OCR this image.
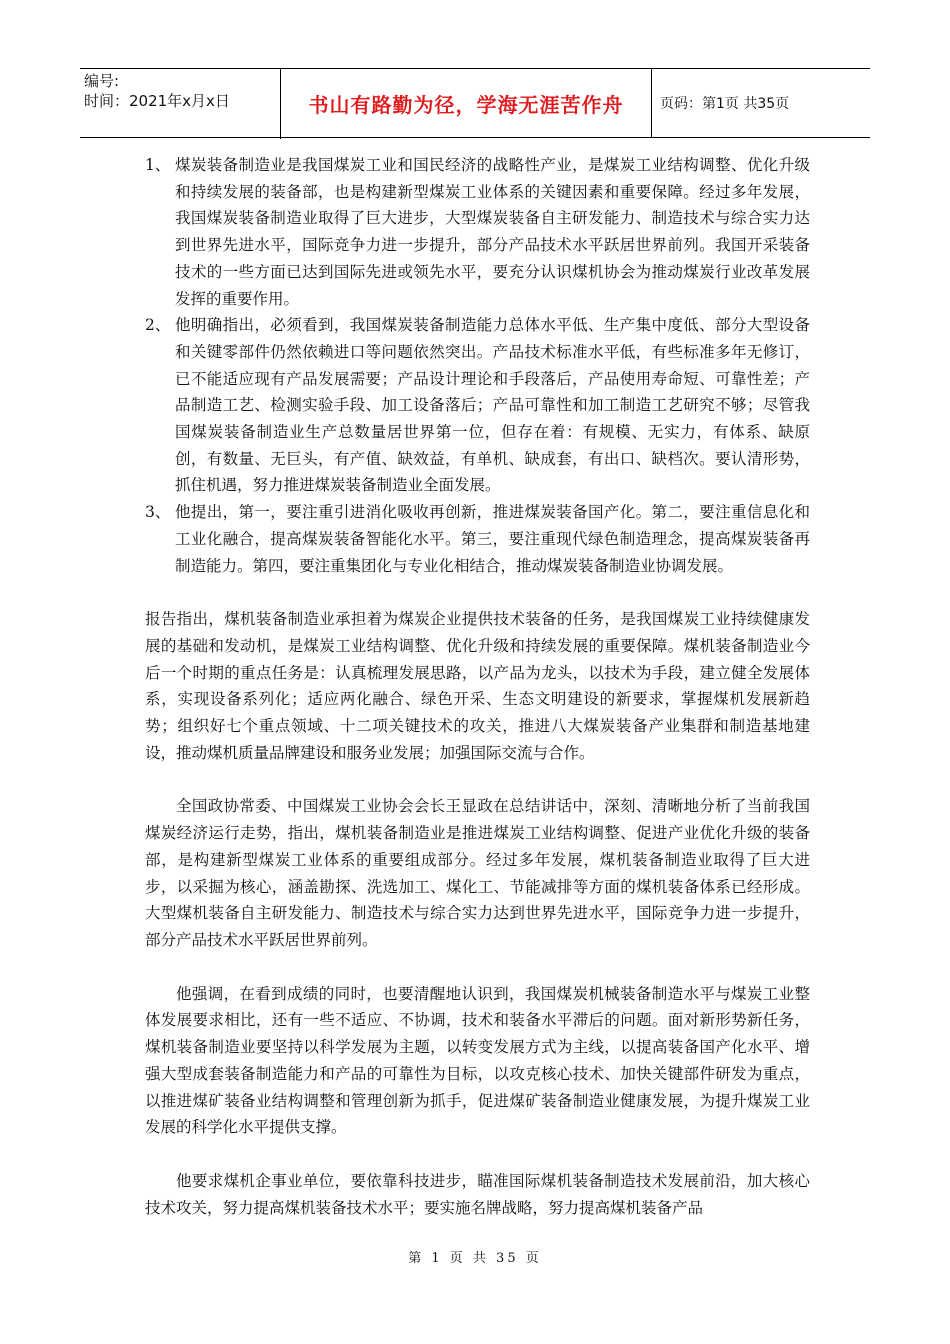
编号:
时间：2021年x月x日	书山有路勤为径，学海无涯苦作舟	页码：第1页 共35页
1、 煤炭装备制造业是我国煤炭工业和国民经济的战略性产业，是煤炭工业结构调整、优化升级和持续发展的装备部，也是构建新型煤炭工业体系的关键因素和重要保障。经过多年发展，我国煤炭装备制造业取得了巨大进步，大型煤炭装备自主研发能力、制造技术与综合实力达到世界先进水平，国际竞争力进一步提升，部分产品技术水平跃居世界前列。我国开采装备技术的一些方面已达到国际先进或领先水平，要充分认识煤机协会为推动煤炭行业改革发展发挥的重要作用。
2、 他明确指出，必须看到，我国煤炭装备制造能力总体水平低、生产集中度低、部分大型设备和关键零部件仍然依赖进口等问题依然突出。产品技术标准水平低，有些标准多年无修订，已不能适应现有产品发展需要；产品设计理论和手段落后，产品使用寿命短、可靠性差；产品制造工艺、检测实验手段、加工设备落后；产品可靠性和加工制造工艺研究不够；尽管我国煤炭装备制造业生产总数量居世界第一位，但存在着：有规模、无实力，有体系、缺原创，有数量、无巨头，有产值、缺效益，有单机、缺成套，有出口、缺档次。要认清形势，抓住机遇，努力推进煤炭装备制造业全面发展。
3、 他提出，第一，要注重引进消化吸收再创新，推进煤炭装备国产化。第二，要注重信息化和工业化融合，提高煤炭装备智能化水平。第三，要注重现代绿色制造理念，提高煤炭装备再制造能力。第四，要注重集团化与专业化相结合，推动煤炭装备制造业协调发展。

报告指出，煤机装备制造业承担着为煤炭企业提供技术装备的任务，是我国煤炭工业持续健康发展的基础和发动机，是煤炭工业结构调整、优化升级和持续发展的重要保障。煤机装备制造业今后一个时期的重点任务是：认真梳理发展思路，以产品为龙头，以技术为手段，建立健全发展体系，实现设备系列化；适应两化融合、绿色开采、生态文明建设的新要求，掌握煤机发展新趋势；组织好七个重点领域、十二项关键技术的攻关，推进八大煤炭装备产业集群和制造基地建设，推动煤机质量品牌建设和服务业发展；加强国际交流与合作。

全国政协常委、中国煤炭工业协会会长王显政在总结讲话中，深刻、清晰地分析了当前我国煤炭经济运行走势，指出，煤机装备制造业是推进煤炭工业结构调整、促进产业优化升级的装备部，是构建新型煤炭工业体系的重要组成部分。经过多年发展，煤机装备制造业取得了巨大进步，以采掘为核心，涵盖勘探、洗选加工、煤化工、节能减排等方面的煤机装备体系已经形成。大型煤机装备自主研发能力、制造技术与综合实力达到世界先进水平，国际竞争力进一步提升，部分产品技术水平跃居世界前列。

他强调，在看到成绩的同时，也要清醒地认识到，我国煤炭机械装备制造水平与煤炭工业整体发展要求相比，还有一些不适应、不协调，技术和装备水平滞后的问题。面对新形势新任务，煤机装备制造业要坚持以科学发展为主题，以转变发展方式为主线，以提高装备国产化水平、增强大型成套装备制造能力和产品的可靠性为目标，以攻克核心技术、加快关键部件研发为重点，以推进煤矿装备业结构调整和管理创新为抓手，促进煤矿装备制造业健康发展，为提升煤炭工业发展的科学化水平提供支撑。

他要求煤机企事业单位，要依靠科技进步，瞄准国际煤机装备制造技术发展前沿，加大核心技术攻关，努力提高煤机装备技术水平；要实施名牌战略，努力提高煤机装备产品

第 1 页 共 35 页
